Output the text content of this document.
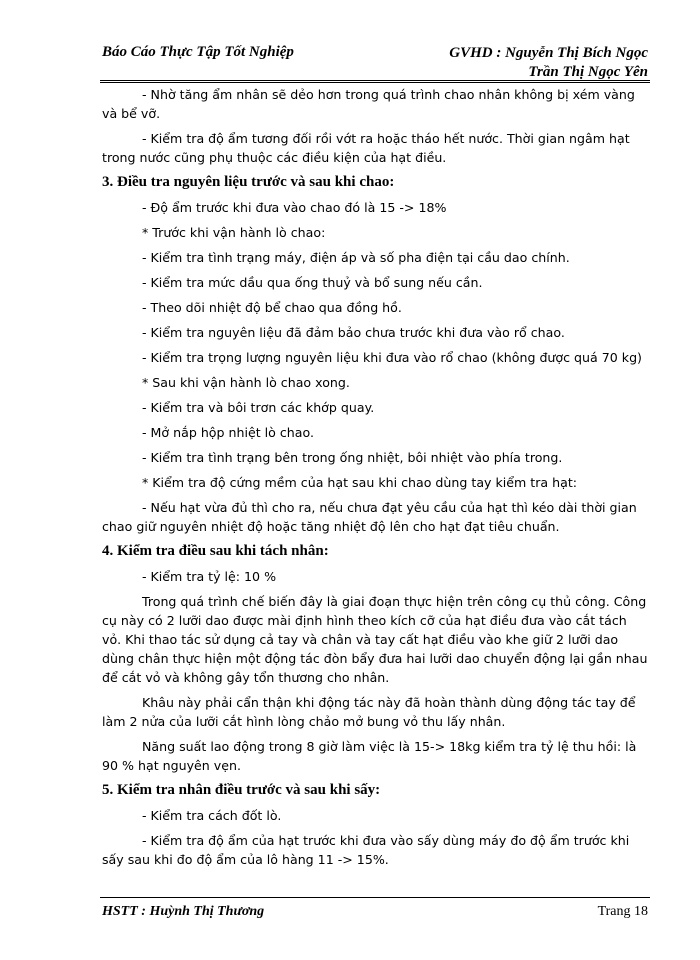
Báo Cáo Thực Tập Tốt Nghiệp	GVHD : Nguyễn Thị Bích Ngọc
Trần Thị Ngọc Yên

- Nhờ tăng ẩm nhân sẽ dẻo hơn trong quá trình chao nhân không bị xém vàng và bể vỡ.

- Kiểm tra độ ẩm tương đối rồi vớt ra hoặc tháo hết nước. Thời gian ngâm hạt trong nước cũng phụ thuộc các điều kiện của hạt điều.

3. Điều tra nguyên liệu trước và sau khi chao:

- Độ ẩm trước khi đưa vào chao đó là 15 -> 18%

* Trước khi vận hành lò chao:

- Kiểm tra tình trạng máy, điện áp và số pha điện tại cầu dao chính.

- Kiểm tra mức dầu qua ống thuỷ và bổ sung nếu cần.

- Theo dõi nhiệt độ bể chao qua đồng hồ.

- Kiểm tra nguyên liệu đã đảm bảo chưa trước khi đưa vào rổ chao.

- Kiểm tra trọng lượng nguyên liệu khi đưa vào rổ chao (không được quá 70 kg)

* Sau khi vận hành lò chao xong.

- Kiểm tra và bôi trơn các khớp quay.

- Mở nắp hộp nhiệt lò chao.

- Kiểm tra tình trạng bên trong ống nhiệt, bôi nhiệt vào phía trong.

* Kiểm tra độ cứng mềm của hạt sau khi chao dùng tay kiểm tra hạt:

- Nếu hạt vừa đủ thì cho ra, nếu chưa đạt yêu cầu của hạt thì kéo dài thời gian chao giữ nguyên nhiệt độ hoặc tăng nhiệt độ lên cho hạt đạt tiêu chuẩn.

4. Kiểm tra điều sau khi tách nhân:

- Kiểm tra tỷ lệ: 10 %

Trong quá trình chế biến đây là giai đoạn thực hiện trên công cụ thủ công. Công cụ này có 2 lưỡi dao được mài định hình theo kích cỡ của hạt điều đưa vào cắt tách vỏ. Khi thao tác sử dụng cả tay và chân và tay cất hạt điều vào khe giữ 2 lưỡi dao dùng chân thực hiện một động tác đòn bẩy đưa hai lưỡi dao chuyển động lại gần nhau để cắt vỏ và không gây tổn thương cho nhân.

Khâu này phải cẩn thận khi động tác này đã hoàn thành dùng động tác tay để làm 2 nửa của lưỡi cắt hình lòng chảo mở bung vỏ thu lấy nhân.

Năng suất lao động trong 8 giờ làm việc là 15-> 18kg kiểm tra tỷ lệ thu hồi: là 90 % hạt nguyên vẹn.

5. Kiểm tra nhân điều trước và sau khi sấy:

- Kiểm tra cách đốt lò.

- Kiểm tra độ ẩm của hạt trước khi đưa vào sấy dùng máy đo độ ẩm trước khi sấy sau khi đo độ ẩm của lô hàng 11 -> 15%.

HSTT : Huỳnh Thị Thương	Trang 18
